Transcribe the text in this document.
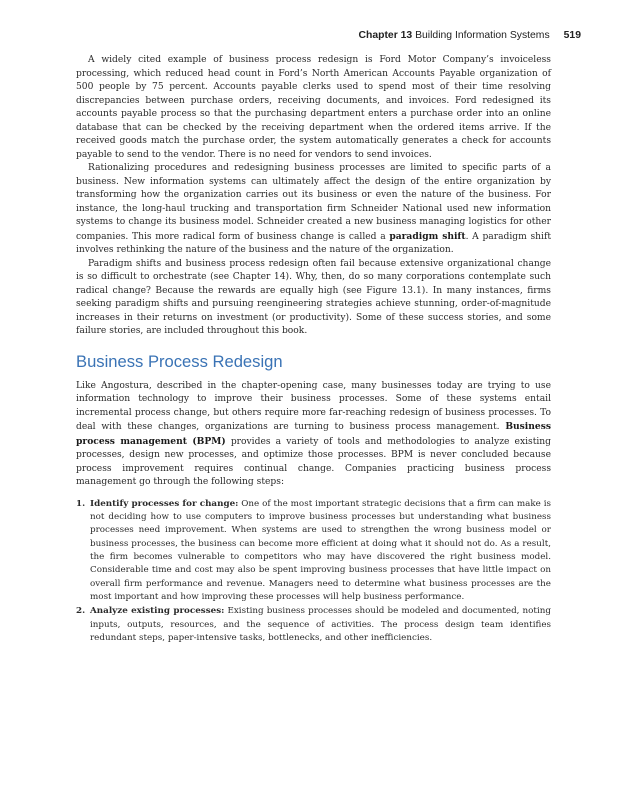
Chapter 13 Building Information Systems 519

A widely cited example of business process redesign is Ford Motor Company’s invoiceless processing, which reduced head count in Ford’s North American Accounts Payable organization of 500 people by 75 percent. Accounts payable clerks used to spend most of their time resolving discrepancies between purchase orders, receiving documents, and invoices. Ford redesigned its accounts payable process so that the purchasing department enters a purchase order into an online database that can be checked by the receiving department when the ordered items arrive. If the received goods match the purchase order, the system automatically generates a check for accounts payable to send to the vendor. There is no need for vendors to send invoices.

Rationalizing procedures and redesigning business processes are limited to specific parts of a business. New information systems can ultimately affect the design of the entire organization by transforming how the organization carries out its business or even the nature of the business. For instance, the long-haul trucking and transportation firm Schneider National used new information systems to change its business model. Schneider created a new business managing logistics for other companies. This more radical form of business change is called a paradigm shift. A paradigm shift involves rethinking the nature of the business and the nature of the organization.

Paradigm shifts and business process redesign often fail because extensive organizational change is so difficult to orchestrate (see Chapter 14). Why, then, do so many corporations contemplate such radical change? Because the rewards are equally high (see Figure 13.1). In many instances, firms seeking paradigm shifts and pursuing reengineering strategies achieve stunning, order-of-magnitude increases in their returns on investment (or productivity). Some of these success stories, and some failure stories, are included throughout this book.

Business Process Redesign

Like Angostura, described in the chapter-opening case, many businesses today are trying to use information technology to improve their business processes. Some of these systems entail incremental process change, but others require more far-reaching redesign of business processes. To deal with these changes, organizations are turning to business process management. Business process management (BPM) provides a variety of tools and methodologies to analyze existing processes, design new processes, and optimize those processes. BPM is never concluded because process improvement requires continual change. Companies practicing business process management go through the following steps:

1. Identify processes for change: One of the most important strategic decisions that a firm can make is not deciding how to use computers to improve business processes but understanding what business processes need improvement. When systems are used to strengthen the wrong business model or business processes, the business can become more efficient at doing what it should not do. As a result, the firm becomes vulnerable to competitors who may have discovered the right business model. Considerable time and cost may also be spent improving business processes that have little impact on overall firm performance and revenue. Managers need to determine what business processes are the most important and how improving these processes will help business performance.
2. Analyze existing processes: Existing business processes should be modeled and documented, noting inputs, outputs, resources, and the sequence of activities. The process design team identifies redundant steps, paper-intensive tasks, bottlenecks, and other inefficiencies.
